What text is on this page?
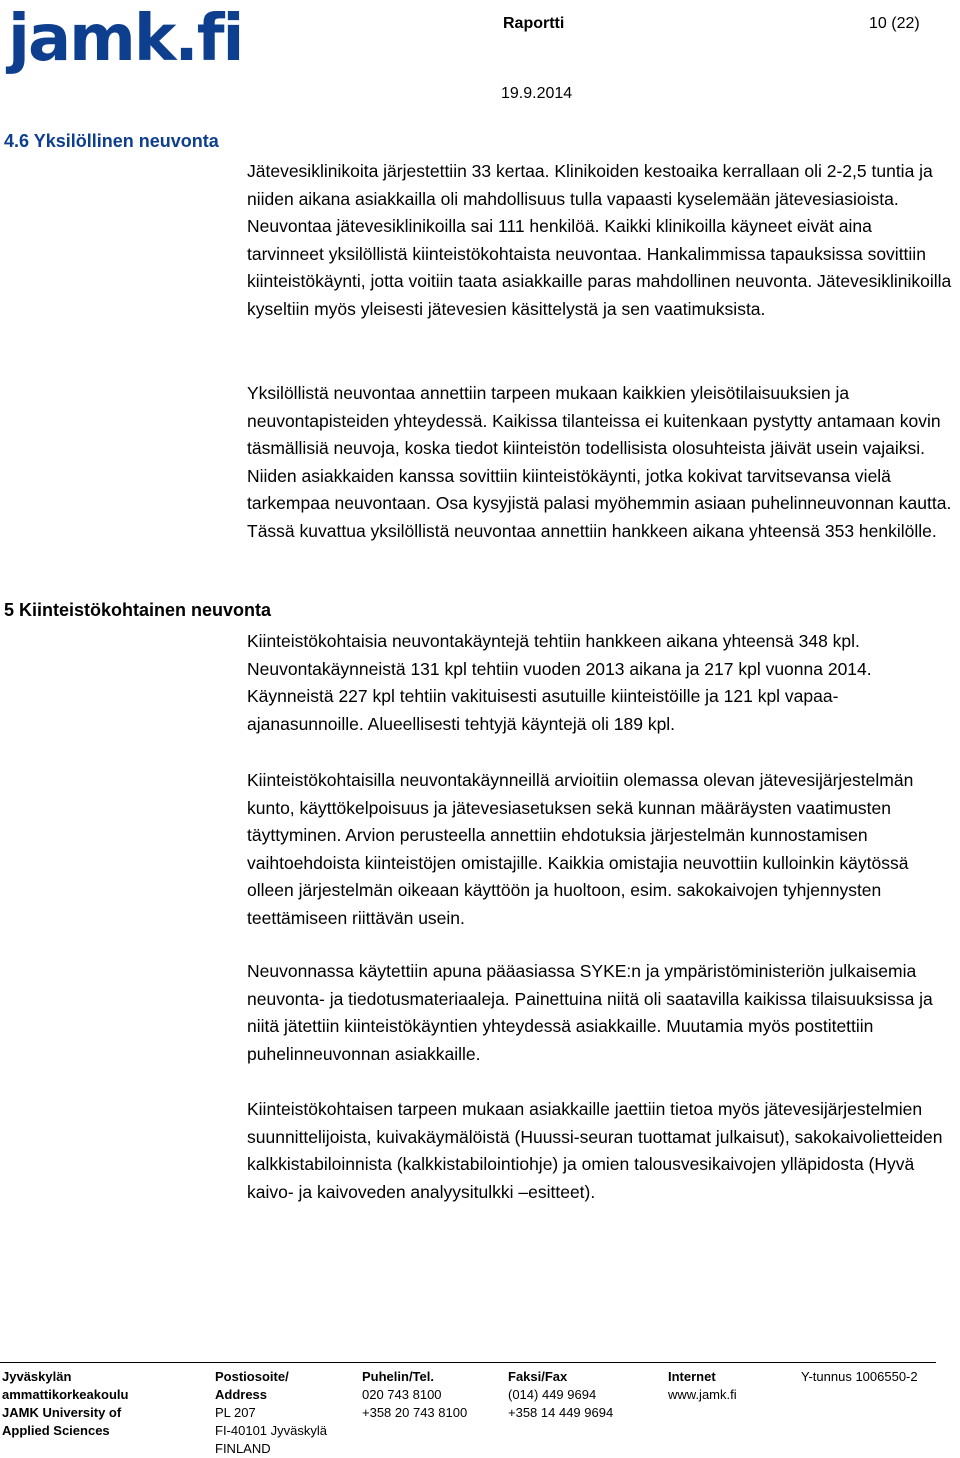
jamk.fi	Raportti	10 (22)
19.9.2014
4.6 Yksilöllinen neuvonta
5 Kiinteistökohtainen neuvonta

Jätevesiklinikoita järjestettiin 33 kertaa. Klinikoiden kestoaika kerrallaan oli 2-2,5 tuntia ja niiden aikana asiakkailla oli mahdollisuus tulla vapaasti kyselemään jätevesiasioista. Neuvontaa jätevesiklinikoilla sai 111 henkilöä. Kaikki klinikoilla käyneet eivät aina tarvinneet yksilöllistä kiinteistökohtaista neuvontaa. Hankalimmissa tapauksissa sovittiin kiinteistökäynti, jotta voitiin taata asiakkaille paras mahdollinen neuvonta. Jätevesiklinikoilla kyseltiin myös yleisesti jätevesien käsittelystä ja sen vaatimuksista.

Yksilöllistä neuvontaa annettiin tarpeen mukaan kaikkien yleisötilaisuuksien ja neuvontapisteiden yhteydessä. Kaikissa tilanteissa ei kuitenkaan pystytty antamaan kovin täsmällisiä neuvoja, koska tiedot kiinteistön todellisista olosuhteista jäivät usein vajaiksi. Niiden asiakkaiden kanssa sovittiin kiinteistökäynti, jotka kokivat tarvitsevansa vielä tarkempaa neuvontaan. Osa kysyjistä palasi myöhemmin asiaan puhelinneuvonnan kautta. Tässä kuvattua yksilöllistä neuvontaa annettiin hankkeen aikana yhteensä 353 henkilölle.

Kiinteistökohtaisia neuvontakäyntejä tehtiin hankkeen aikana yhteensä 348 kpl. Neuvontakäynneistä 131 kpl tehtiin vuoden 2013 aikana ja 217 kpl vuonna 2014. Käynneistä 227 kpl tehtiin vakituisesti asutuille kiinteistöille ja 121 kpl vapaa-ajanasunnoille. Alueellisesti tehtyjä käyntejä oli 189 kpl.

Kiinteistökohtaisilla neuvontakäynneillä arvioitiin olemassa olevan jätevesijärjestelmän kunto, käyttökelpoisuus ja jätevesiasetuksen sekä kunnan määräysten vaatimusten täyttyminen. Arvion perusteella annettiin ehdotuksia järjestelmän kunnostamisen vaihtoehdoista kiinteistöjen omistajille. Kaikkia omistajia neuvottiin kulloinkin käytössä olleen järjestelmän oikeaan käyttöön ja huoltoon, esim. sakokaivojen tyhjennysten teettämiseen riittävän usein.

Neuvonnassa käytettiin apuna pääasiassa SYKE:n ja ympäristöministeriön julkaisemia neuvonta- ja tiedotusmateriaaleja. Painettuina niitä oli saatavilla kaikissa tilaisuuksissa ja niitä jätettiin kiinteistökäyntien yhteydessä asiakkaille. Muutamia myös postitettiin puhelinneuvonnan asiakkaille.

Kiinteistökohtaisen tarpeen mukaan asiakkaille jaettiin tietoa myös jätevesijärjestelmien suunnittelijoista, kuivakäymälöistä (Huussi-seuran tuottamat julkaisut), sakokaivolietteiden kalkkistabiloinnista (kalkkistabilointiohje) ja omien talousvesikaivojen ylläpidosta (Hyvä kaivo- ja kaivoveden analyysitulkki –esitteet).

Jyväskylän
ammattikorkeakoulu
JAMK University of
Applied Sciences
Postiosoite/
Address
PL 207
FI-40101 Jyväskylä
FINLAND
Puhelin/Tel.
020 743 8100
+358 20 743 8100
Faksi/Fax
(014) 449 9694
+358 14 449 9694
Internet
www.jamk.fi
Y-tunnus 1006550-2
